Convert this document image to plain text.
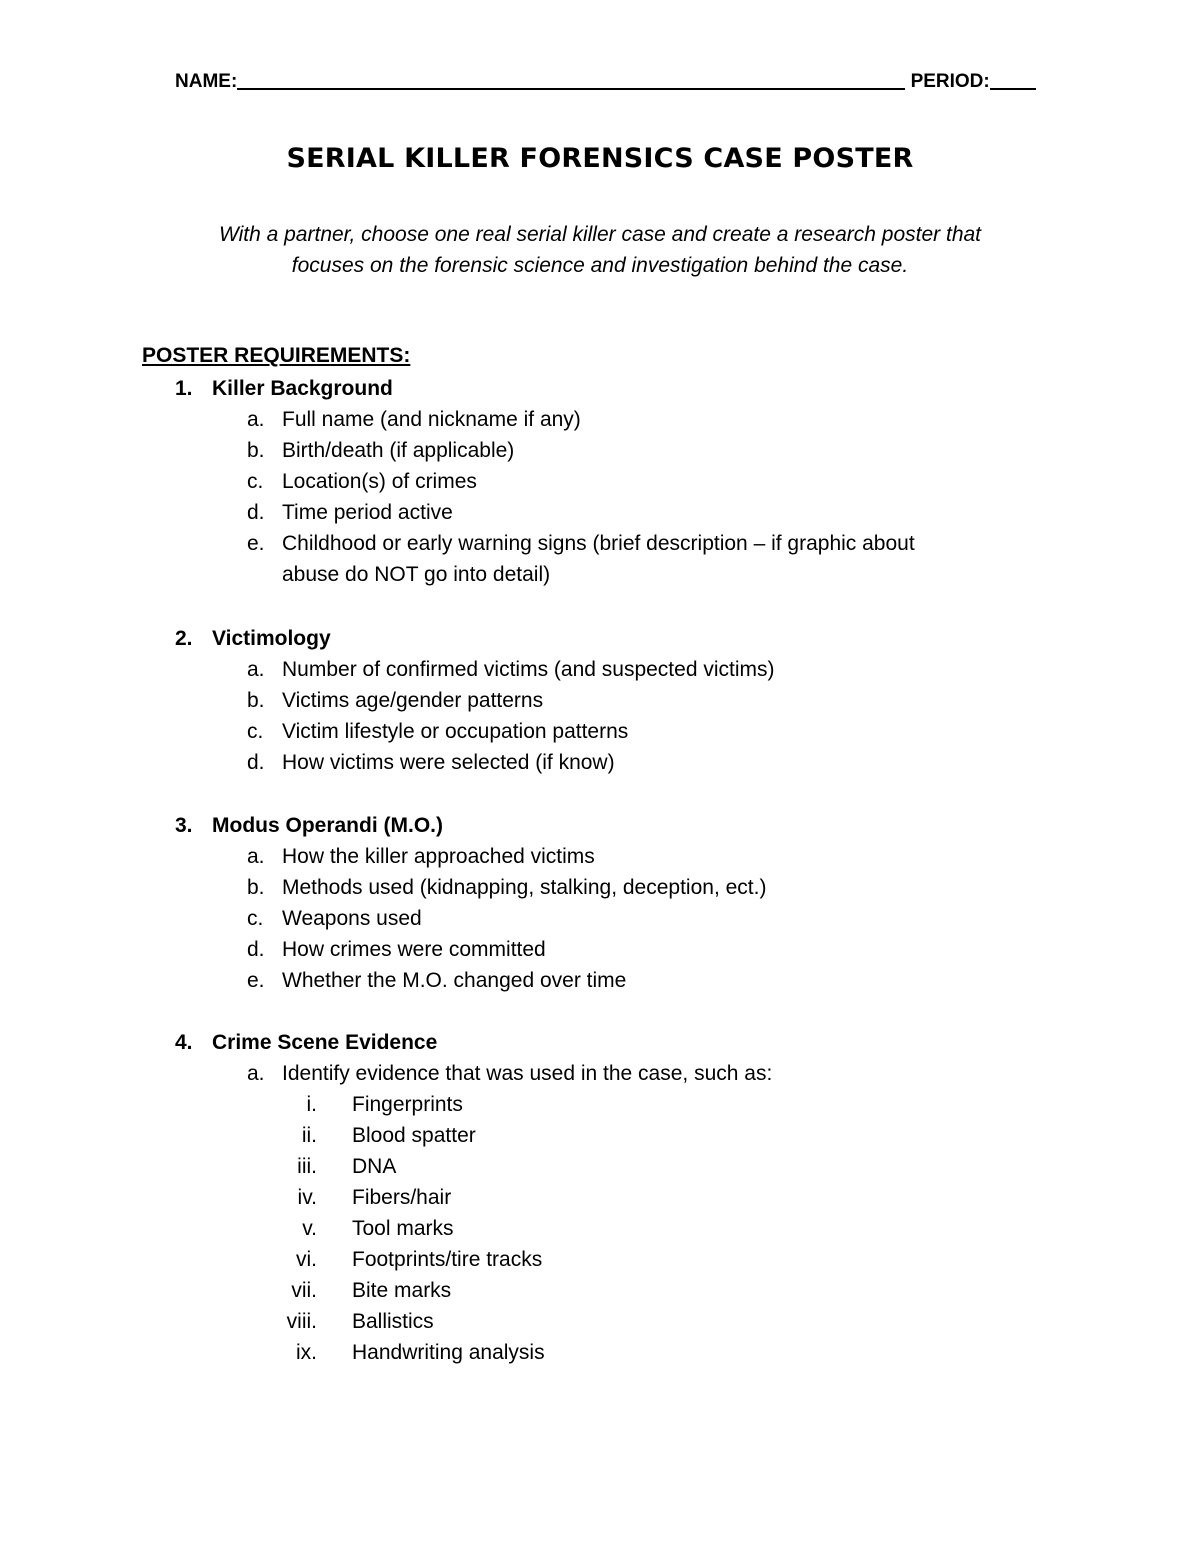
NAME:	PERIOD:
SERIAL KILLER FORENSICS CASE POSTER
With a partner, choose one real serial killer case and create a research poster that
focuses on the forensic science and investigation behind the case.
POSTER REQUIREMENTS:
1. Killer Background
a. Full name (and nickname if any)
b. Birth/death (if applicable)
c. Location(s) of crimes
d. Time period active
e. Childhood or early warning signs (brief description – if graphic about
abuse do NOT go into detail)
2. Victimology
a. Number of confirmed victims (and suspected victims)
b. Victims age/gender patterns
c. Victim lifestyle or occupation patterns
d. How victims were selected (if know)
3. Modus Operandi (M.O.)
a. How the killer approached victims
b. Methods used (kidnapping, stalking, deception, ect.)
c. Weapons used
d. How crimes were committed
e. Whether the M.O. changed over time
4. Crime Scene Evidence
a. Identify evidence that was used in the case, such as:
i. Fingerprints
ii. Blood spatter
iii. DNA
iv. Fibers/hair
v. Tool marks
vi. Footprints/tire tracks
vii. Bite marks
viii. Ballistics
ix. Handwriting analysis
